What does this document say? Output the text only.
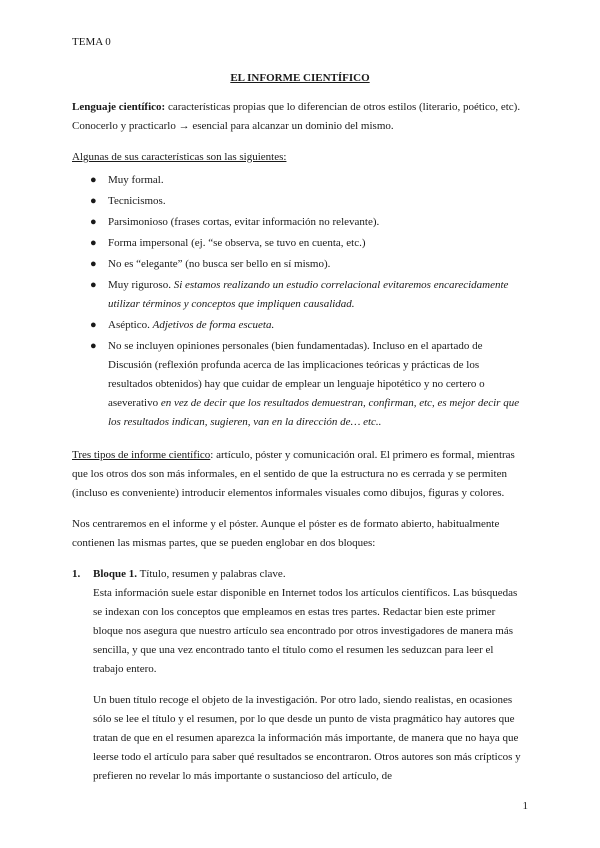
TEMA 0
EL INFORME CIENTÍFICO

Lenguaje científico: características propias que lo diferencian de otros estilos (literario, poético, etc). Conocerlo y practicarlo → esencial para alcanzar un dominio del mismo.

Algunas de sus características son las siguientes:

● Muy formal.
● Tecnicismos.
● Parsimonioso (frases cortas, evitar información no relevante).
● Forma impersonal (ej. “se observa, se tuvo en cuenta, etc.)
● No es “elegante” (no busca ser bello en sí mismo).
● Muy riguroso. Si estamos realizando un estudio correlacional evitaremos encarecidamente utilizar términos y conceptos que impliquen causalidad.
● Aséptico. Adjetivos de forma escueta.
● No se incluyen opiniones personales (bien fundamentadas). Incluso en el apartado de Discusión (reflexión profunda acerca de las implicaciones teóricas y prácticas de los resultados obtenidos) hay que cuidar de emplear un lenguaje hipotético y no certero o aseverativo en vez de decir que los resultados demuestran, confirman, etc, es mejor decir que los resultados indican, sugieren, van en la dirección de… etc..

Tres tipos de informe científico: artículo, póster y comunicación oral. El primero es formal, mientras que los otros dos son más informales, en el sentido de que la estructura no es cerrada y se permiten (incluso es conveniente) introducir elementos informales visuales como dibujos, figuras y colores.

Nos centraremos en el informe y el póster. Aunque el póster es de formato abierto, habitualmente contienen las mismas partes, que se pueden englobar en dos bloques:

1. Bloque 1. Título, resumen y palabras clave.

Esta información suele estar disponible en Internet todos los artículos científicos. Las búsquedas se indexan con los conceptos que empleamos en estas tres partes. Redactar bien este primer bloque nos asegura que nuestro artículo sea encontrado por otros investigadores de manera más sencilla, y que una vez encontrado tanto el título como el resumen les seduzcan para leer el trabajo entero.

Un buen título recoge el objeto de la investigación. Por otro lado, siendo realistas, en ocasiones sólo se lee el título y el resumen, por lo que desde un punto de vista pragmático hay autores que tratan de que en el resumen aparezca la información más importante, de manera que no haya que leerse todo el artículo para saber qué resultados se encontraron. Otros autores son más crípticos y prefieren no revelar lo más importante o sustancioso del artículo, de

1
